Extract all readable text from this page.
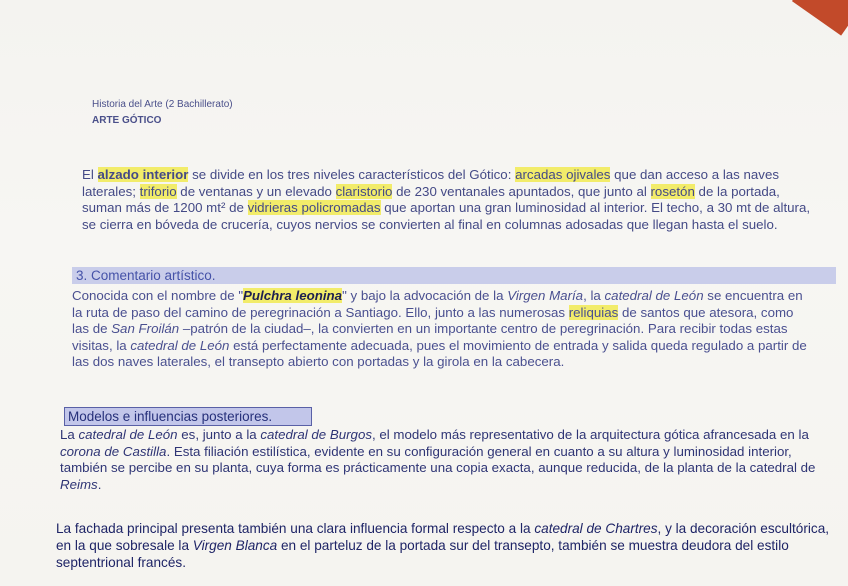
Historia del Arte (2 Bachillerato)
ARTE GÓTICO

El alzado interior se divide en los tres niveles característicos del Gótico: arcadas ojivales que dan acceso a las naves laterales; triforio de ventanas y un elevado claristorio de 230 ventanales apuntados, que junto al rosetón de la portada, suman más de 1200 mt² de vidrieras policromadas que aportan una gran luminosidad al interior. El techo, a 30 mt de altura, se cierra en bóveda de crucería, cuyos nervios se convierten al final en columnas adosadas que llegan hasta el suelo.

3. Comentario artístico.

Conocida con el nombre de "Pulchra leonina" y bajo la advocación de la Virgen María, la catedral de León se encuentra en la ruta de paso del camino de peregrinación a Santiago. Ello, junto a las numerosas reliquias de santos que atesora, como las de San Froilán –patrón de la ciudad–, la convierten en un importante centro de peregrinación. Para recibir todas estas visitas, la catedral de León está perfectamente adecuada, pues el movimiento de entrada y salida queda regulado a partir de las dos naves laterales, el transepto abierto con portadas y la girola en la cabecera.

Modelos e influencias posteriores.

La catedral de León es, junto a la catedral de Burgos, el modelo más representativo de la arquitectura gótica afrancesada en la corona de Castilla. Esta filiación estilística, evidente en su configuración general en cuanto a su altura y luminosidad interior, también se percibe en su planta, cuya forma es prácticamente una copia exacta, aunque reducida, de la planta de la catedral de Reims.

La fachada principal presenta también una clara influencia formal respecto a la catedral de Chartres, y la decoración escultórica, en la que sobresale la Virgen Blanca en el parteluz de la portada sur del transepto, también se muestra deudora del estilo septentrional francés.
